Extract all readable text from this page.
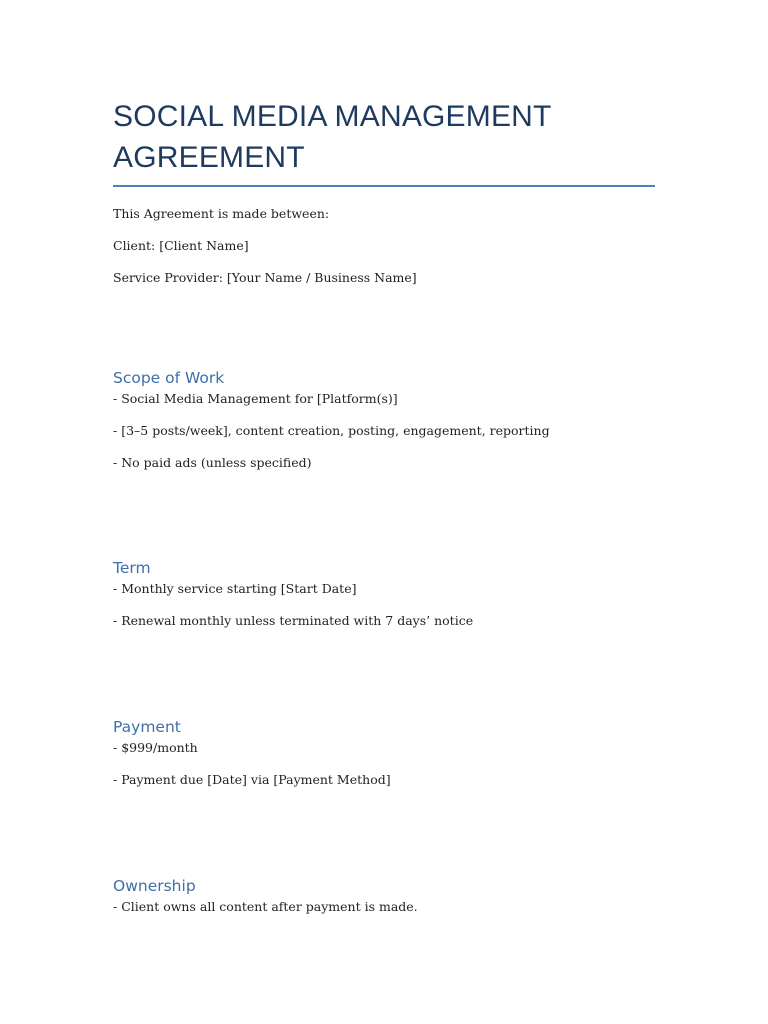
SOCIAL MEDIA MANAGEMENT
AGREEMENT

This Agreement is made between:

Client: [Client Name]

Service Provider: [Your Name / Business Name]

Scope of Work

- Social Media Management for [Platform(s)]

- [3–5 posts/week], content creation, posting, engagement, reporting

- No paid ads (unless specified)

Term

- Monthly service starting [Start Date]

- Renewal monthly unless terminated with 7 days’ notice

Payment

- $999/month

- Payment due [Date] via [Payment Method]

Ownership

- Client owns all content after payment is made.
